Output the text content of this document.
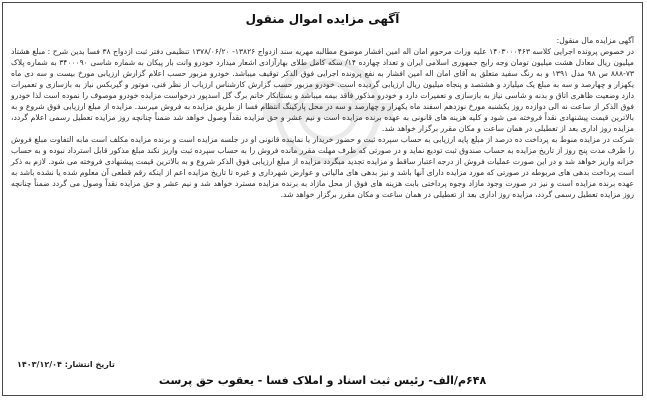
آگهی مزایده اموال منقول

آگهی مزایده مال منقول:

در خصوص پرونده اجرایی کلاسه ۱۴۰۳۰۰۰۴۶۳ علیه وراث مرحوم امان اله امین افشار موضوع مطالبه مهریه سند ازدواج ۱۳۸۲۶- ۱۳۷۸/۰۶/۲۰ تنظیمی دفتر ثبت ازدواج ۳۸ فسا بدین شرح : مبلغ هشتاد میلیون ریال معادل هشت میلیون تومان وجه رایج جمهوری اسلامی ایران و تعداد چهارده ۱۴/ سکه کامل طلای بهارآزادی اشعار میدارد خودرو وانت بار پیکان به شماره شاسی ۳۴۰۰۰۹۰ به شماره پلاک ۷۳-۸۸۸ س ۹۸ مدل ۱۳۹۱ و به رنگ سفید متعلق به آقای امان اله امین افشار به نفع پرونده اجرایی فوق الذکر توقیف میباشد. خودرو مزبور حسب اعلام گزارش ارزیابی مورخ بیست و سه دی ماه یکهزار و چهارصد و سه به مبلغ یک میلیارد و هشتصد و پنجاه میلیون ریال ارزیابی گردیده است. خودرو مزبور حسب گزارش کارشناس ارزیاب از نظر فنی، موتور و گیربکس نیاز به بازسازی و تعمیرات دارد وضعیت ظاهری اتاق و بدنه و شاسی نیاز به بازسازی و تعمیرات دارد و خودرو مذکور فاقد بیمه میباشد و بستانکار خانم برگ گل اسدپور درخواست مزایده خودرو موصوف را نموده است لذا خودرو فوق الذکر از ساعت نه الی دوازده روز یکشنبه مورخ نوزدهم اسفند ماه یکهزار و چهارصد و سه در محل پارکینگ انتظام فسا از طریق مزایده به فروش میرسد. مزایده از مبلغ ارزیابی فوق شروع و به بالاترین قیمت پیشنهادی نقداً فروخته می شود و کلیه هزینه های قانونی به عهده برنده مزایده است و نیم عشر و حق مزایده نقداً وصول خواهد شد ضمناً چنانچه روز مزایده تعطیل رسمی اعلام گردد، مزایده روز اداری بعد از تعطیلی در همان ساعت و مکان مقرر برگزار خواهد شد.

شرکت در مزایده منوط به پرداخت ده درصد از مبلغ پایه ارزیابی به حساب سپرده ثبت و حضور خریدار یا نماینده قانونی او در جلسه مزایده است و برنده مزایده مکلف است مابه التفاوت مبلغ فروش را ظرف مدت پنج روز از تاریخ مزایده به حساب صندوق ثبت تودیع نماید و در صورتی که ظرف مهلت مقرر مانده فروش را به حساب سپرده ثبت واریز نکند مبلغ مذکور قابل استرداد نبوده و به حساب خزانه واریز خواهد شد و در این صورت عملیات فروش از درجه اعتبار ساقط و مزایده تجدید میگردد مزایده از مبلغ ارزیابی فوق الذکر شروع و به بالاترین قیمت پیشنهادی فروخته می شود. لازم به ذکر است پرداخت بدهی های مربوطه در صورتی که مورد مزایده دارای آنها باشد و نیز بدهی های مالیاتی و عوارض شهرداری و غیره تا تاریخ مزایده اعم از اینکه رقم قطعی آن معلوم شده یا نشده باشد به عهده برنده مزایده است و نیز در صورت وجود مازاد وجوه پرداختی بابت هزینه های فوق از محل مازاد به برنده مزایده مسترد خواهد شد و نیم عشر و حق مزایده نقداً وصول می گردد ضمناً چنانچه روز مزایده تعطیل رسمی گردد، مزایده روز اداری بعد از تعطیلی در همان ساعت و مکان مقرر برگزار خواهد شد.

تاریخ انتشار: ۱۴۰۳/۱۲/۰۴
۶۴۸م/الف- رئیس ثبت اسناد و املاک فسا - یعقوب حق پرست
